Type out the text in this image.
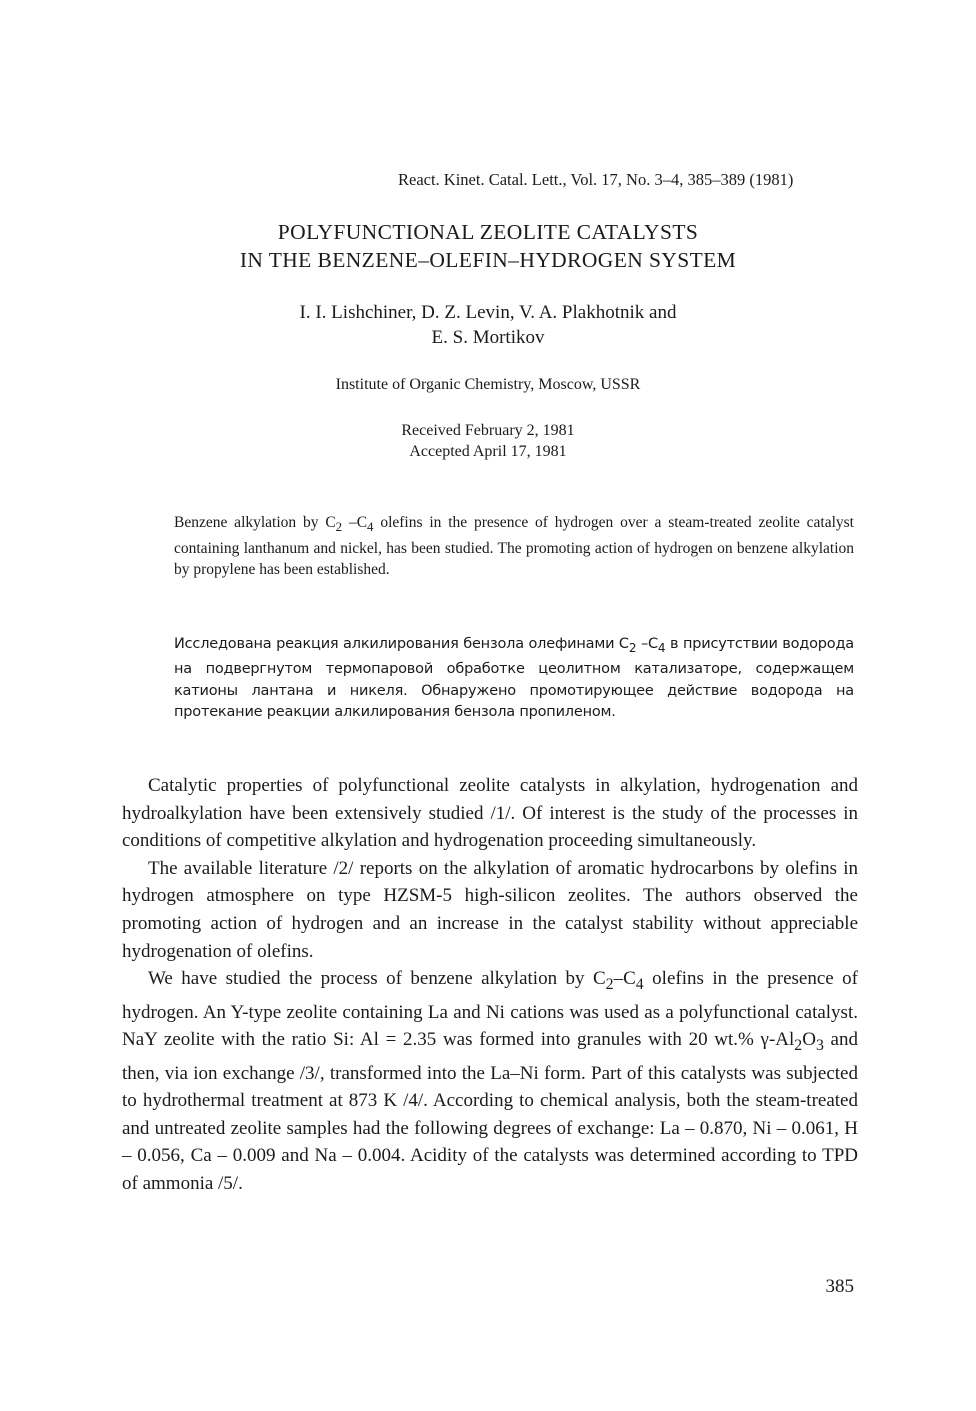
React. Kinet. Catal. Lett., Vol. 17, No. 3–4, 385–389 (1981)
POLYFUNCTIONAL ZEOLITE CATALYSTS
IN THE BENZENE–OLEFIN–HYDROGEN SYSTEM
I. I. Lishchiner, D. Z. Levin, V. A. Plakhotnik and
E. S. Mortikov
Institute of Organic Chemistry, Moscow, USSR
Received February 2, 1981
Accepted April 17, 1981
Benzene alkylation by $C_2$ $-C_4$ olefins in the presence of hydrogen over a steam-treated zeolite catalyst containing lanthanum and nickel, has been studied. The promoting action of hydrogen on benzene alkylation by propylene has been established.
Исследована реакция алкилирования бензола олефинами $C_2$ $-C_4$ в присутствии водорода на подвергнутом термопаровой обработке цеолитном катализаторе, содержащем катионы лантана и никеля. Обнаружено промотирующее действие водорода на протекание реакции алкилирования бензола пропиленом.

Catalytic properties of polyfunctional zeolite catalysts in alkylation, hydrogenation and hydroalkylation have been extensively studied /1/. Of interest is the study of the processes in conditions of competitive alkylation and hydrogenation proceeding simultaneously.

The available literature /2/ reports on the alkylation of aromatic hydrocarbons by olefins in hydrogen atmosphere on type HZSM-5 high-silicon zeolites. The authors observed the promoting action of hydrogen and an increase in the catalyst stability without appreciable hydrogenation of olefins.

We have studied the process of benzene alkylation by $C_2-C_4$ olefins in the presence of hydrogen. An Y-type zeolite containing La and Ni cations was used as a polyfunctional catalyst. NaY zeolite with the ratio Si: Al = 2.35 was formed into granules with 20 wt.% $\gamma-Al_2O_3$ and then, via ion exchange /3/, transformed into the La–Ni form. Part of this catalysts was subjected to hydrothermal treatment at 873 K /4/. According to chemical analysis, both the steam-treated and untreated zeolite samples had the following degrees of exchange: La – 0.870, Ni – 0.061, H – 0.056, Ca – 0.009 and Na – 0.004. Acidity of the catalysts was determined according to TPD of ammonia /5/.

385
